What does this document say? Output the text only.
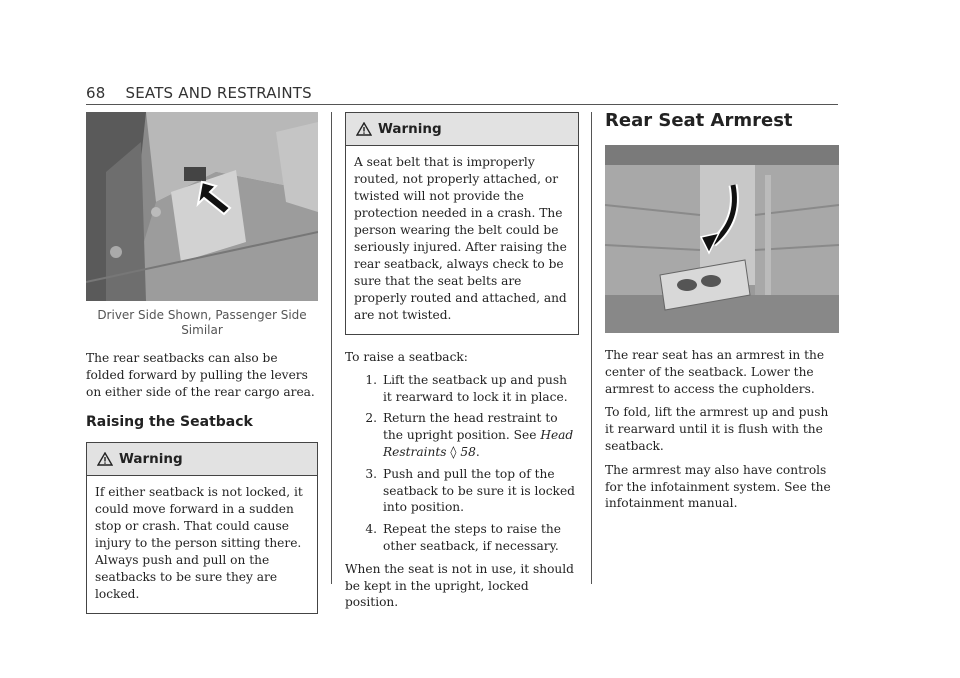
68 SEATS AND RESTRAINTS
Driver Side Shown, Passenger Side Similar

The rear seatbacks can also be folded forward by pulling the levers on either side of the rear cargo area.

Raising the Seatback
Warning
If either seatback is not locked, it could move forward in a sudden stop or crash. That could cause injury to the person sitting there. Always push and pull on the seatbacks to be sure they are locked.
Warning
A seat belt that is improperly routed, not properly attached, or twisted will not provide the protection needed in a crash. The person wearing the belt could be seriously injured. After raising the rear seatback, always check to be sure that the seat belts are properly routed and attached, and are not twisted.

To raise a seatback:

1. Lift the seatback up and push it rearward to lock it in place.
2. Return the head restraint to the upright position. See Head Restraints ◊ 58.
3. Push and pull the top of the seatback to be sure it is locked into position.
4. Repeat the steps to raise the other seatback, if necessary.

When the seat is not in use, it should be kept in the upright, locked position.

Rear Seat Armrest

The rear seat has an armrest in the center of the seatback. Lower the armrest to access the cupholders.

To fold, lift the armrest up and push it rearward until it is flush with the seatback.

The armrest may also have controls for the infotainment system. See the infotainment manual.
